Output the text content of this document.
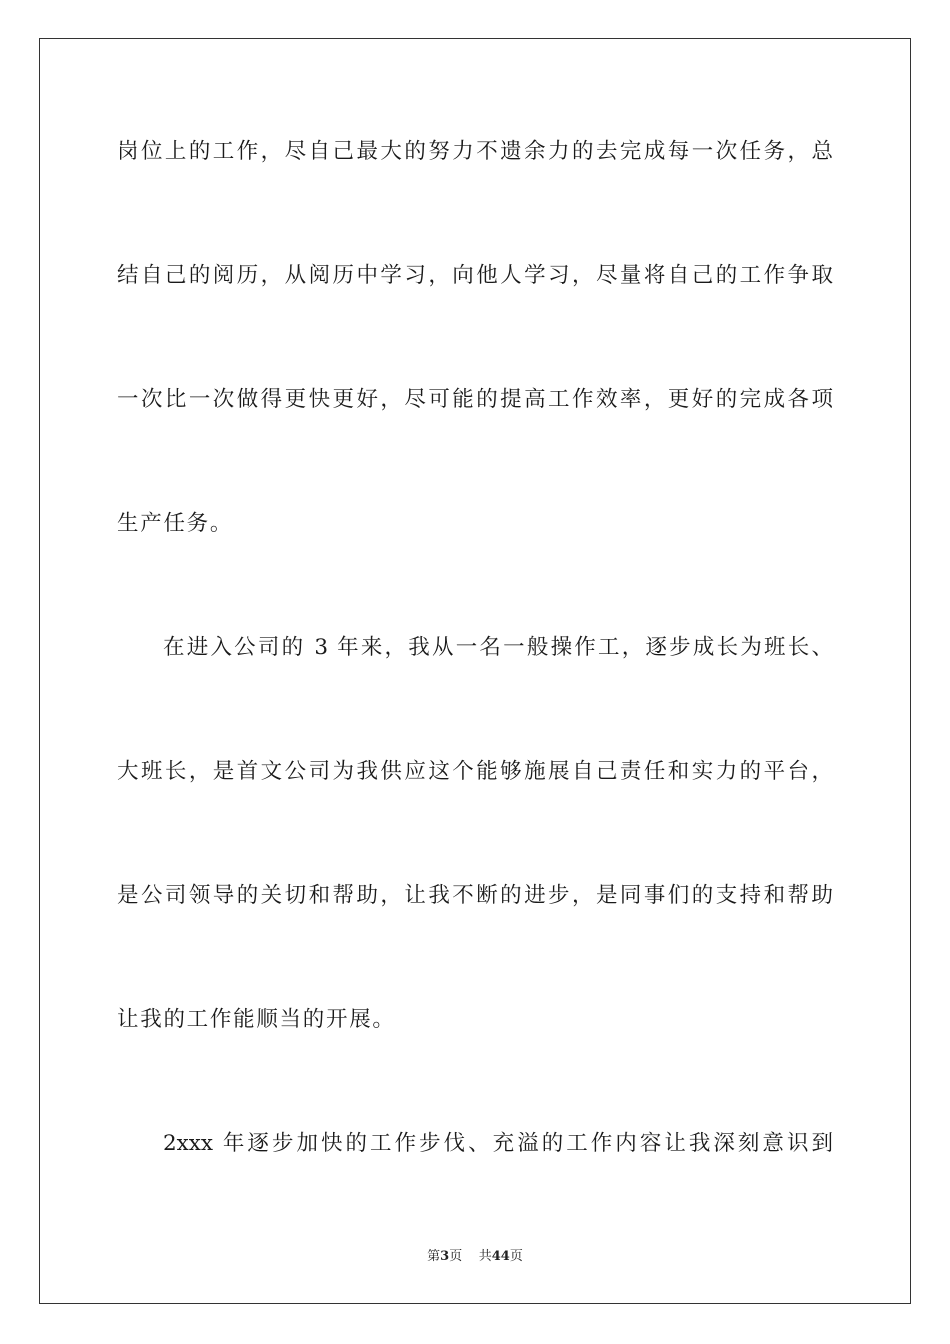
岗位上的工作，尽自己最大的努力不遗余力的去完成每一次任务，总
结自己的阅历，从阅历中学习，向他人学习，尽量将自己的工作争取
一次比一次做得更快更好，尽可能的提高工作效率，更好的完成各项
生产任务。
在进入公司的 3 年来，我从一名一般操作工，逐步成长为班长、
大班长，是首文公司为我供应这个能够施展自己责任和实力的平台，
是公司领导的关切和帮助，让我不断的进步，是同事们的支持和帮助
让我的工作能顺当的开展。
2xxx 年逐步加快的工作步伐、充溢的工作内容让我深刻意识到
第3页 共44页
